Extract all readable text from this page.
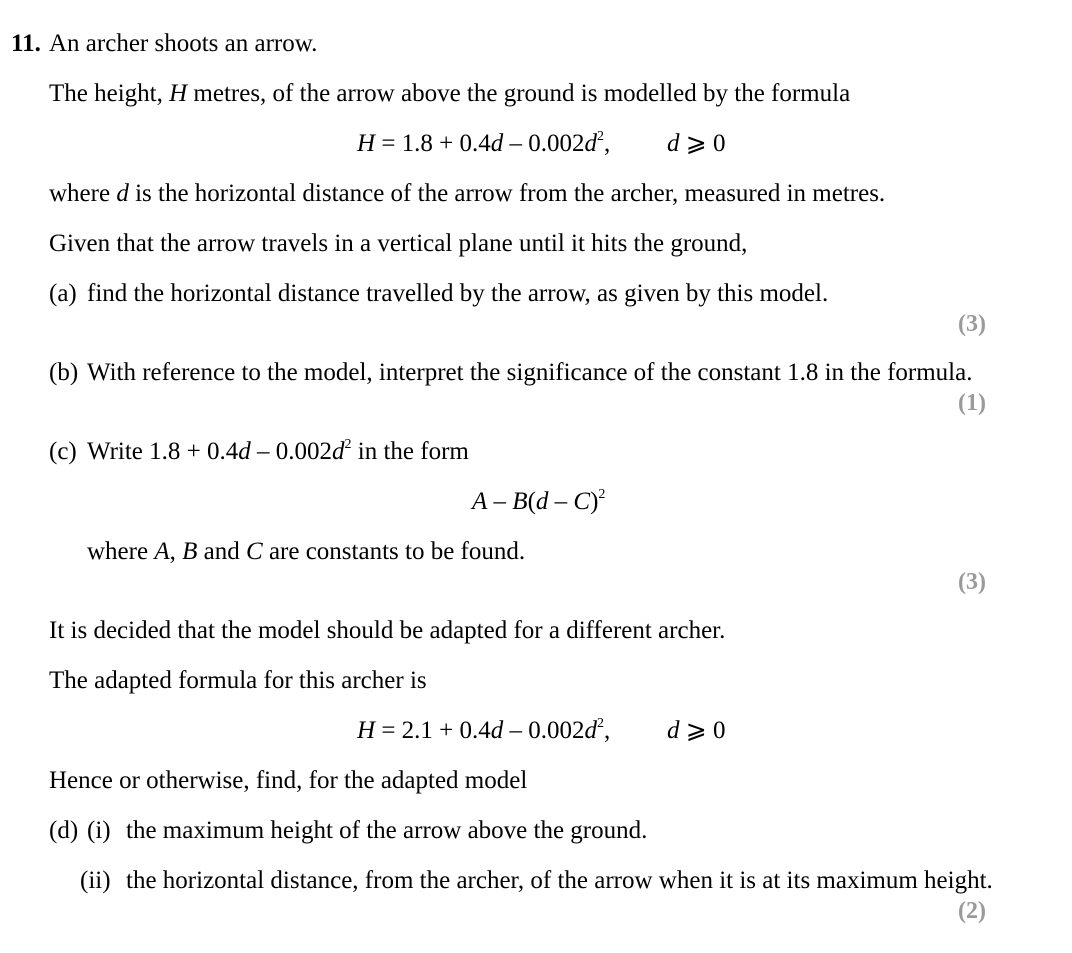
11. An archer shoots an arrow.
The height, H metres, of the arrow above the ground is modelled by the formula
$H = 1.8 + 0.4d - 0.002d^2$, d ⩾ 0
where d is the horizontal distance of the arrow from the archer, measured in metres.
Given that the arrow travels in a vertical plane until it hits the ground,
(a) find the horizontal distance travelled by the arrow, as given by this model.
(3)
(b) With reference to the model, interpret the significance of the constant 1.8 in the formula.
(1)
(c) Write $1.8 + 0.4d - 0.002d^2$ in the form
A – B(d – C)$^2$
where A, B and C are constants to be found.
(3)
It is decided that the model should be adapted for a different archer.
The adapted formula for this archer is
$H = 2.1 + 0.4d - 0.002d^2$, d ⩾ 0
Hence or otherwise, find, for the adapted model
(d) (i) the maximum height of the arrow above the ground.
(ii) the horizontal distance, from the archer, of the arrow when it is at its maximum height.
(2)
